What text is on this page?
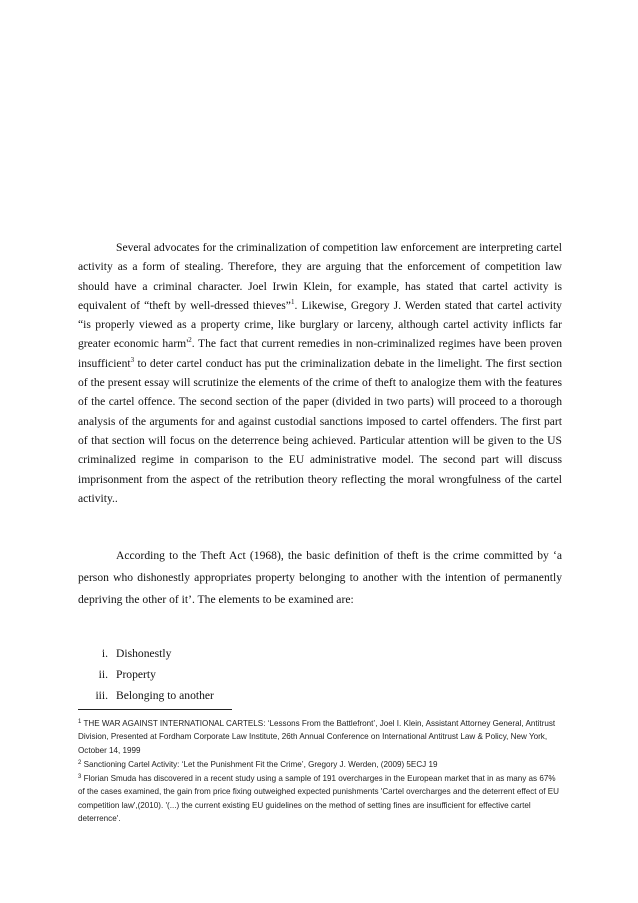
Several advocates for the criminalization of competition law enforcement are interpreting cartel activity as a form of stealing. Therefore, they are arguing that the enforcement of competition law should have a criminal character. Joel Irwin Klein, for example, has stated that cartel activity is equivalent of “theft by well-dressed thieves”$^1$. Likewise, Gregory J. Werden stated that cartel activity “is properly viewed as a property crime, like burglary or larceny, although cartel activity inflicts far greater economic harm'$^2$. The fact that current remedies in non-criminalized regimes have been proven insufficient$^3$ to deter cartel conduct has put the criminalization debate in the limelight. The first section of the present essay will scrutinize the elements of the crime of theft to analogize them with the features of the cartel offence. The second section of the paper (divided in two parts) will proceed to a thorough analysis of the arguments for and against custodial sanctions imposed to cartel offenders. The first part of that section will focus on the deterrence being achieved. Particular attention will be given to the US criminalized regime in comparison to the EU administrative model. The second part will discuss imprisonment from the aspect of the retribution theory reflecting the moral wrongfulness of the cartel activity..

According to the Theft Act (1968), the basic definition of theft is the crime committed by ‘a person who dishonestly appropriates property belonging to another with the intention of permanently depriving the other of it’. The elements to be examined are:

i. Dishonestly
ii. Property
iii. Belonging to another

$^1$ THE WAR AGAINST INTERNATIONAL CARTELS: ‘Lessons From the Battlefront’, Joel I. Klein, Assistant Attorney General, Antitrust Division, Presented at Fordham Corporate Law Institute, 26th Annual Conference on International Antitrust Law & Policy, New York, October 14, 1999

$^2$ Sanctioning Cartel Activity: ‘Let the Punishment Fit the Crime’, Gregory J. Werden, (2009) 5ECJ 19

$^3$ Florian Smuda has discovered in a recent study using a sample of 191 overcharges in the European market that in as many as 67% of the cases examined, the gain from price fixing outweighed expected punishments 'Cartel overcharges and the deterrent effect of EU competition law',(2010). '(...) the current existing EU guidelines on the method of setting fines are insufficient for effective cartel deterrence'.
